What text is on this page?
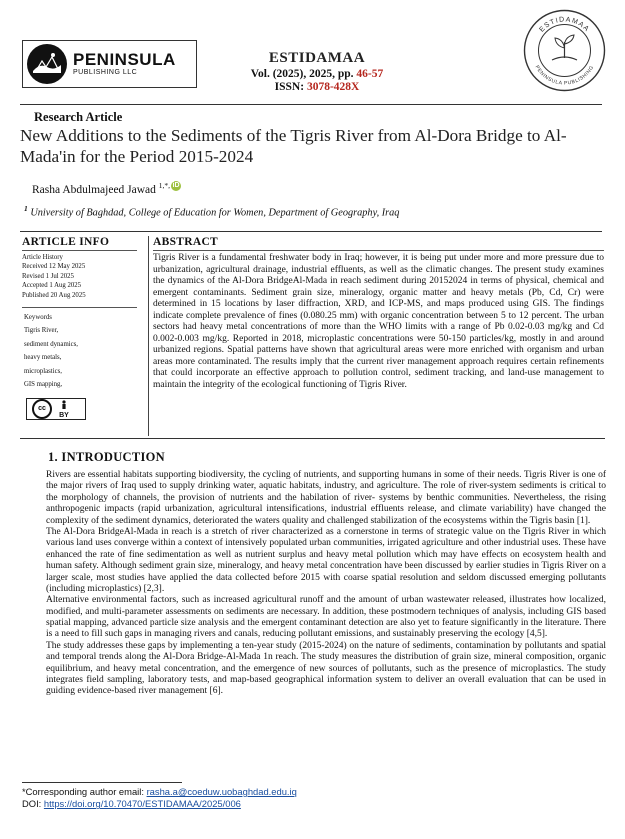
PENINSULA
PUBLISHING LLC
ESTIDAMAA
Vol. (2025), 2025, pp. 46-57
ISSN: 3078-428X
ESTIDAMAA
PENINSULA PUBLISHING
Research Article
New Additions to the Sediments of the Tigris River from Al-Dora Bridge to Al-Mada'in for the Period 2015-2024
Rasha Abdulmajeed Jawad $^{1,*,}$ iD
$^1$ University of Baghdad, College of Education for Women, Department of Geography, Iraq
ARTICLE INFO
Article History
Received 12 May 2025
Revised 1 Jul 2025
Accepted 1 Aug 2025
Published 20 Aug 2025
Keywords
Tigris River,
sediment dynamics,
heavy metals,
microplastics,
GIS mapping,
cc
BY
ABSTRACT
Tigris River is a fundamental freshwater body in Iraq; however, it is being put under more and more pressure due to urbanization, agricultural drainage, industrial effluents, as well as the climatic changes. The present study examines the dynamics of the Al-Dora BridgeAl-Mada in reach sediment during 20152024 in terms of physical, chemical and emergent contaminants. Sediment grain size, mineralogy, organic matter and heavy metals (Pb, Cd, Cr) were determined in 15 locations by laser diffraction, XRD, and ICP-MS, and maps produced using GIS. The findings indicate complete prevalence of fines (0.080.25 mm) with organic concentration between 5 to 12 percent. The urban sectors had heavy metal concentrations of more than the WHO limits with a range of Pb 0.02-0.03 mg/kg and Cd 0.002-0.003 mg/kg. Reported in 2018, microplastic concentrations were 50-150 particles/kg, mostly in and around urbanized regions. Spatial patterns have shown that agricultural areas were more enriched with organism and urban areas more contaminated. The results imply that the current river management approach requires certain refinements that could incorporate an effective approach to pollution control, sediment tracking, and land-use management to maintain the integrity of the ecological functioning of Tigris River.
1. INTRODUCTION

Rivers are essential habitats supporting biodiversity, the cycling of nutrients, and supporting humans in some of their needs. Tigris River is one of the major rivers of Iraq used to supply drinking water, aquatic habitats, industry, and agriculture. The role of river-system sediments is critical to the morphology of channels, the provision of nutrients and the habilation of river- systems by benthic communities. Nevertheless, the rising anthropogenic impacts (rapid urbanization, agricultural intensifications, industrial effluents release, and climate variability) have changed the complexity of the sediment dynamics, deteriorated the waters quality and challenged stabilization of the ecosystems within the Tigris basin [1].

The Al-Dora BridgeAl-Mada in reach is a stretch of river characterized as a cornerstone in terms of strategic value on the Tigris River in which various land uses converge within a context of intensively populated urban communities, irrigated agriculture and other industrial uses. These have enhanced the rate of fine sedimentation as well as nutrient surplus and heavy metal pollution which may have effects on ecosystem health and human safety. Although sediment grain size, mineralogy, and heavy metal concentration have been discussed by earlier studies in Tigris River on a larger scale, most studies have applied the data collected before 2015 with coarse spatial resolution and seldom discussed emerging pollutants (including microplastics) [2,3].

Alternative environmental factors, such as increased agricultural runoff and the amount of urban wastewater released, illustrates how localized, modified, and multi-parameter assessments on sediments are necessary. In addition, these postmodern techniques of analysis, including GIS based spatial mapping, advanced particle size analysis and the emergent contaminant detection are also yet to feature significantly in the literature. There is a need to fill such gaps in managing rivers and canals, reducing pollutant emissions, and sustainably preserving the ecology [4,5].

The study addresses these gaps by implementing a ten-year study (2015-2024) on the nature of sediments, contamination by pollutants and spatial and temporal trends along the Al-Dora Bridge-Al-Mada 1n reach. The study measures the distribution of grain size, mineral composition, organic equilibrium, and heavy metal concentration, and the emergence of new sources of pollutants, such as the presence of microplastics. The study integrates field sampling, laboratory tests, and map-based geographical information system to deliver an overall evaluation that can be used in guiding evidence-based river management [6].

*Corresponding author email: rasha.a@coeduw.uobaghdad.edu.iq
DOI: https://doi.org/10.70470/ESTIDAMAA/2025/006
